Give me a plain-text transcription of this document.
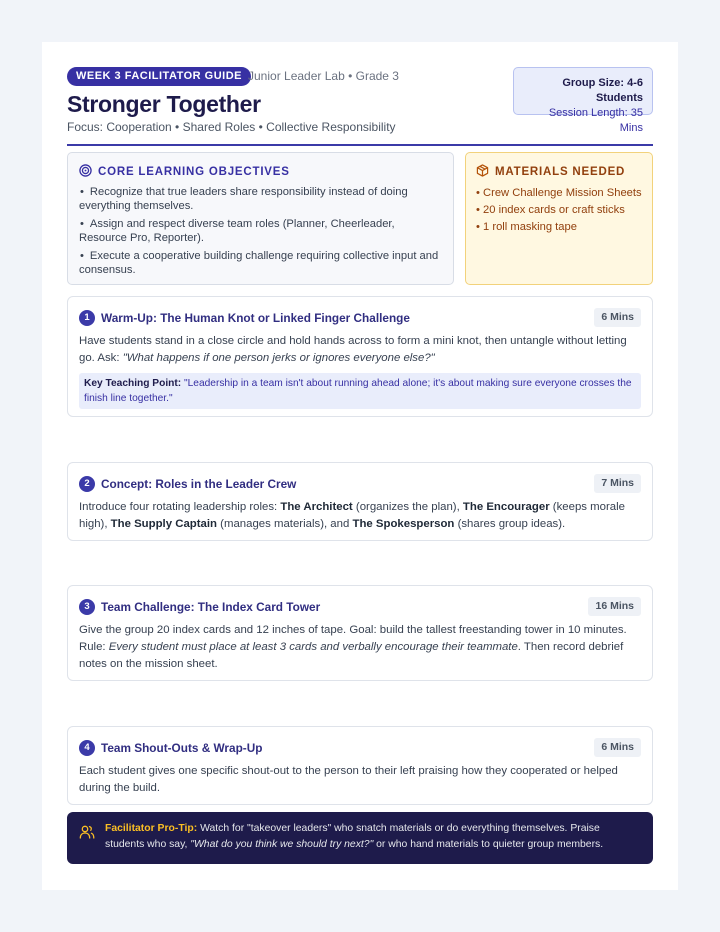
WEEK 3 FACILITATOR GUIDE Junior Leader Lab • Grade 3
Stronger Together
Focus: Cooperation • Shared Roles • Collective Responsibility
Group Size: 4-6 Students
Session Length: 35 Mins
CORE LEARNING OBJECTIVES
• Recognize that true leaders share responsibility instead of doing everything themselves.
• Assign and respect diverse team roles (Planner, Cheerleader, Resource Pro, Reporter).
• Execute a cooperative building challenge requiring collective input and consensus.
MATERIALS NEEDED
• Crew Challenge Mission Sheets
• 20 index cards or craft sticks
• 1 roll masking tape
1 Warm-Up: The Human Knot or Linked Finger Challenge	6 Mins
Have students stand in a close circle and hold hands across to form a mini knot, then untangle without letting go. Ask: "What happens if one person jerks or ignores everyone else?"
Key Teaching Point: "Leadership in a team isn't about running ahead alone; it's about making sure everyone crosses the finish line together."
2 Concept: Roles in the Leader Crew	7 Mins
Introduce four rotating leadership roles: The Architect (organizes the plan), The Encourager (keeps morale high), The Supply Captain (manages materials), and The Spokesperson (shares group ideas).
3 Team Challenge: The Index Card Tower	16 Mins
Give the group 20 index cards and 12 inches of tape. Goal: build the tallest freestanding tower in 10 minutes. Rule: Every student must place at least 3 cards and verbally encourage their teammate. Then record debrief notes on the mission sheet.
4 Team Shout-Outs & Wrap-Up	6 Mins
Each student gives one specific shout-out to the person to their left praising how they cooperated or helped during the build.
Facilitator Pro-Tip: Watch for "takeover leaders" who snatch materials or do everything themselves. Praise students who say, "What do you think we should try next?" or who hand materials to quieter group members.
